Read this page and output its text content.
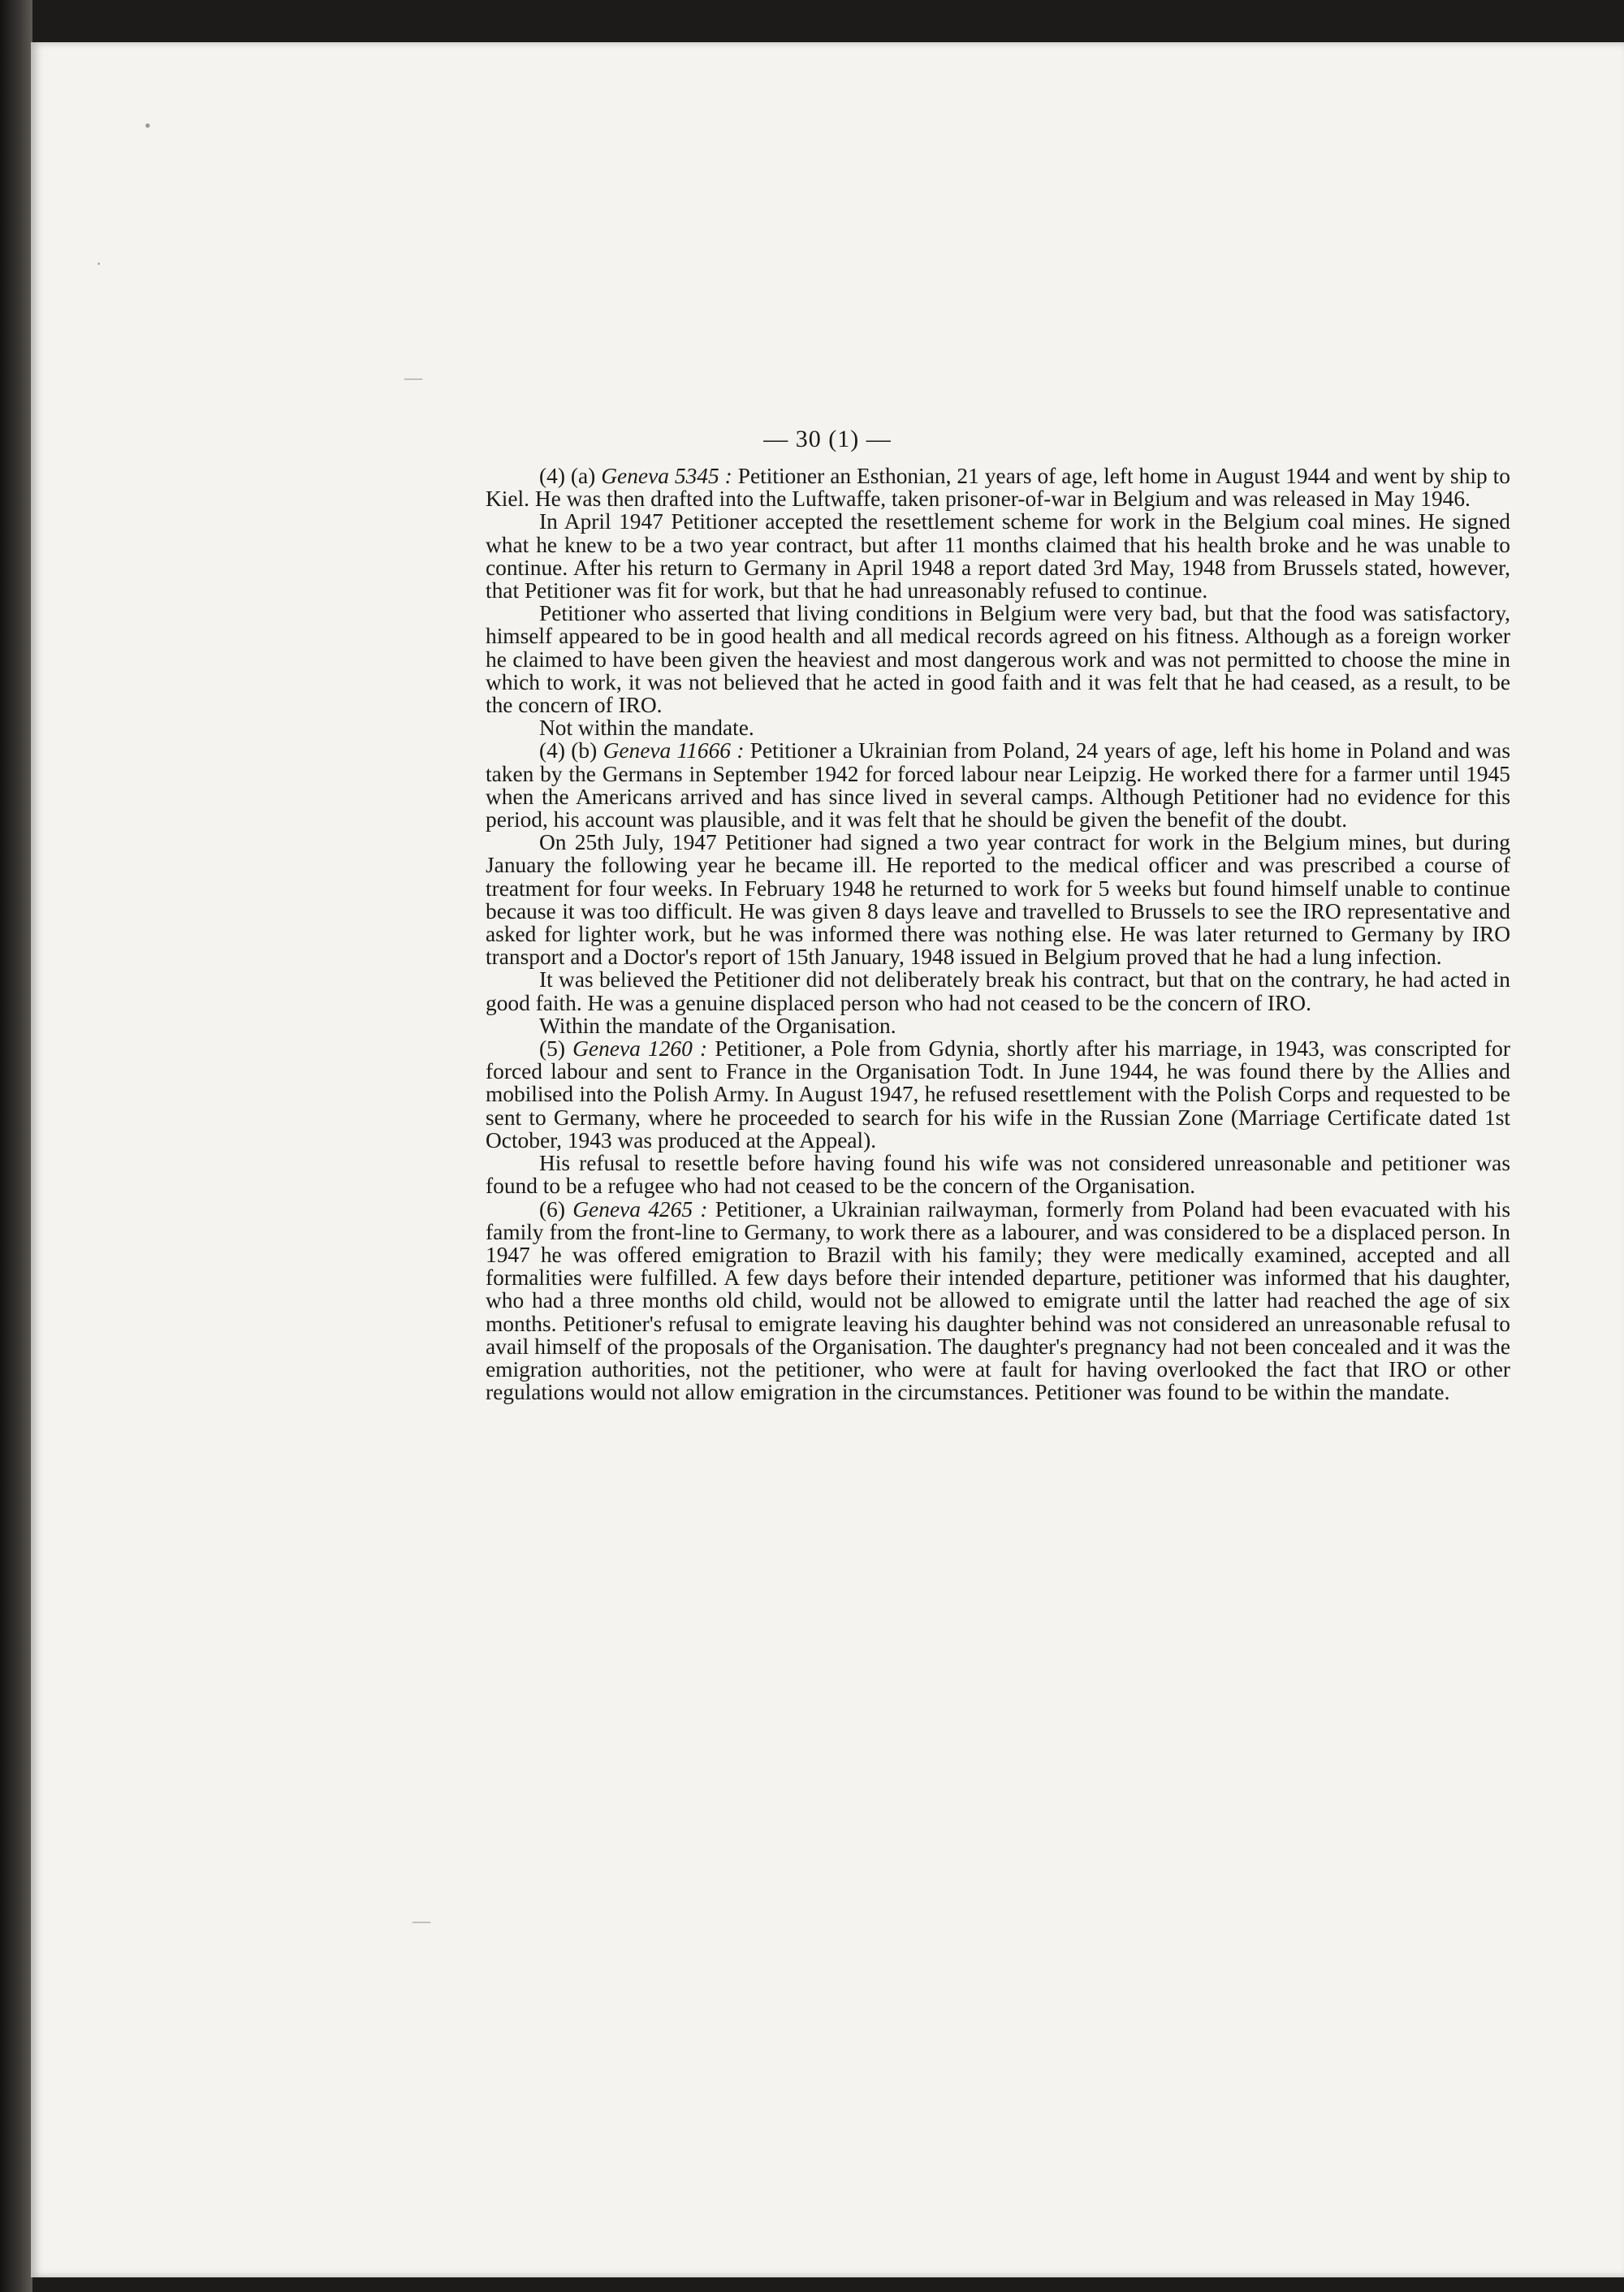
•
·
—
—
— 30 (1) —

(4) (a) Geneva 5345 : Petitioner an Esthonian, 21 years of age, left home in August 1944 and went by ship to Kiel. He was then drafted into the Luftwaffe, taken prisoner-of-war in Belgium and was released in May 1946.

In April 1947 Petitioner accepted the resettlement scheme for work in the Belgium coal mines. He signed what he knew to be a two year contract, but after 11 months claimed that his health broke and he was unable to continue. After his return to Germany in April 1948 a report dated 3rd May, 1948 from Brussels stated, however, that Petitioner was fit for work, but that he had unreasonably refused to continue.

Petitioner who asserted that living conditions in Belgium were very bad, but that the food was satisfactory, himself appeared to be in good health and all medical records agreed on his fitness. Although as a foreign worker he claimed to have been given the heaviest and most dangerous work and was not permitted to choose the mine in which to work, it was not believed that he acted in good faith and it was felt that he had ceased, as a result, to be the concern of IRO.

Not within the mandate.

(4) (b) Geneva 11666 : Petitioner a Ukrainian from Poland, 24 years of age, left his home in Poland and was taken by the Germans in September 1942 for forced labour near Leipzig. He worked there for a farmer until 1945 when the Americans arrived and has since lived in several camps. Although Petitioner had no evidence for this period, his account was plausible, and it was felt that he should be given the benefit of the doubt.

On 25th July, 1947 Petitioner had signed a two year contract for work in the Belgium mines, but during January the following year he became ill. He reported to the medical officer and was prescribed a course of treatment for four weeks. In February 1948 he returned to work for 5 weeks but found himself unable to continue because it was too difficult. He was given 8 days leave and travelled to Brussels to see the IRO representative and asked for lighter work, but he was informed there was nothing else. He was later returned to Germany by IRO transport and a Doctor's report of 15th January, 1948 issued in Belgium proved that he had a lung infection.

It was believed the Petitioner did not deliberately break his contract, but that on the contrary, he had acted in good faith. He was a genuine displaced person who had not ceased to be the concern of IRO.

Within the mandate of the Organisation.

(5) Geneva 1260 : Petitioner, a Pole from Gdynia, shortly after his marriage, in 1943, was conscripted for forced labour and sent to France in the Organisation Todt. In June 1944, he was found there by the Allies and mobilised into the Polish Army. In August 1947, he refused resettlement with the Polish Corps and requested to be sent to Germany, where he proceeded to search for his wife in the Russian Zone (Marriage Certificate dated 1st October, 1943 was produced at the Appeal).

His refusal to resettle before having found his wife was not considered unreasonable and petitioner was found to be a refugee who had not ceased to be the concern of the Organisation.

(6) Geneva 4265 : Petitioner, a Ukrainian railwayman, formerly from Poland had been evacuated with his family from the front-line to Germany, to work there as a labourer, and was considered to be a displaced person. In 1947 he was offered emigration to Brazil with his family; they were medically examined, accepted and all formalities were fulfilled. A few days before their intended departure, petitioner was informed that his daughter, who had a three months old child, would not be allowed to emigrate until the latter had reached the age of six months. Petitioner's refusal to emigrate leaving his daughter behind was not considered an unreasonable refusal to avail himself of the proposals of the Organisation. The daughter's pregnancy had not been concealed and it was the emigration authorities, not the petitioner, who were at fault for having overlooked the fact that IRO or other regulations would not allow emigration in the circumstances. Petitioner was found to be within the mandate.
